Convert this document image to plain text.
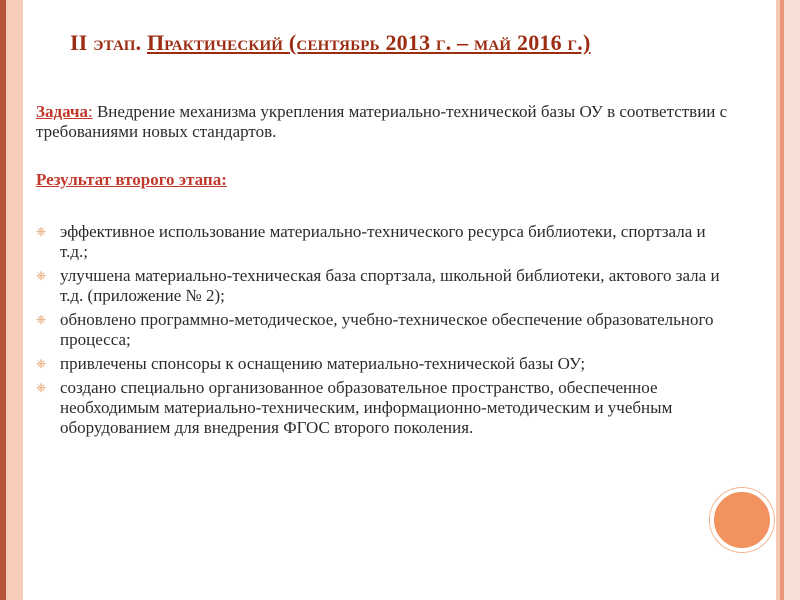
II этап. Практический (сентябрь 2013 г. – май 2016 г.)

Задача: Внедрение механизма укрепления материально-технической базы ОУ в соответствии с требованиями новых стандартов.

Результат второго этапа:

❈ эффективное использование материально-технического ресурса библиотеки, спортзала и т.д.;
❈ улучшена материально-техническая база спортзала, школьной библиотеки, актового зала и т.д. (приложение № 2);
❈ обновлено программно-методическое, учебно-техническое обеспечение образовательного процесса;
❈ привлечены спонсоры к оснащению материально-технической базы ОУ;
❈ создано специально организованное образовательное пространство, обеспеченное необходимым материально-техническим, информационно-методическим и учебным оборудованием для внедрения ФГОС второго поколения.
